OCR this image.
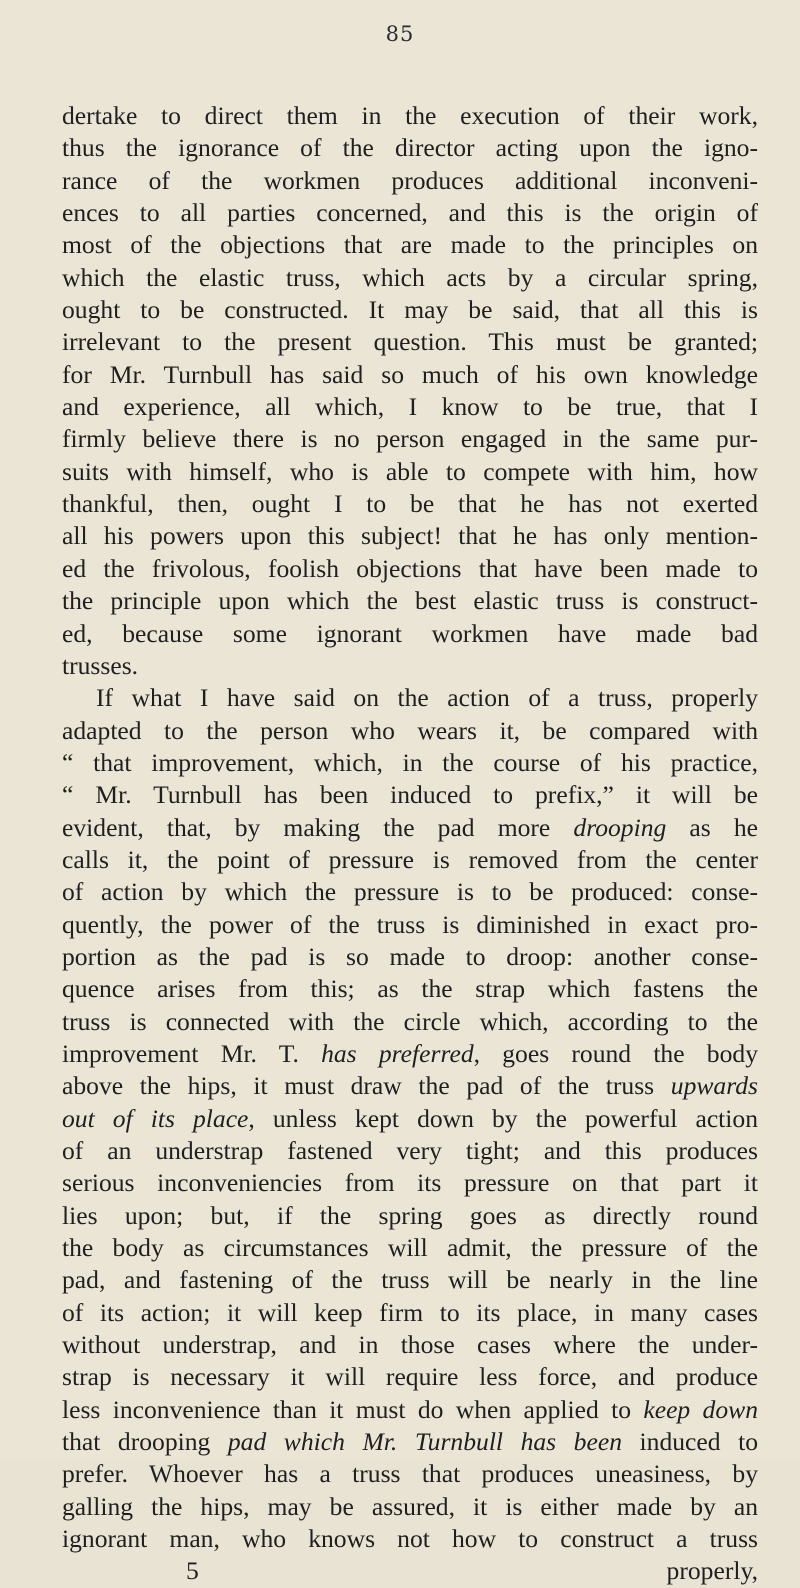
85
dertake to direct them in the execution of their work,
thus the ignorance of the director acting upon the igno-
rance of the workmen produces additional inconveni-
ences to all parties concerned, and this is the origin of
most of the objections that are made to the principles on
which the elastic truss, which acts by a circular spring,
ought to be constructed. It may be said, that all this is
irrelevant to the present question. This must be granted;
for Mr. Turnbull has said so much of his own knowledge
and experience, all which, I know to be true, that I
firmly believe there is no person engaged in the same pur-
suits with himself, who is able to compete with him, how
thankful, then, ought I to be that he has not exerted
all his powers upon this subject! that he has only mention-
ed the frivolous, foolish objections that have been made to
the principle upon which the best elastic truss is construct-
ed, because some ignorant workmen have made bad
trusses.
If what I have said on the action of a truss, properly
adapted to the person who wears it, be compared with
“ that improvement, which, in the course of his practice,
“ Mr. Turnbull has been induced to prefix,” it will be
evident, that, by making the pad more drooping as he
calls it, the point of pressure is removed from the center
of action by which the pressure is to be produced: conse-
quently, the power of the truss is diminished in exact pro-
portion as the pad is so made to droop: another conse-
quence arises from this; as the strap which fastens the
truss is connected with the circle which, according to the
improvement Mr. T. has preferred, goes round the body
above the hips, it must draw the pad of the truss upwards
out of its place, unless kept down by the powerful action
of an understrap fastened very tight; and this produces
serious inconveniencies from its pressure on that part it
lies upon; but, if the spring goes as directly round
the body as circumstances will admit, the pressure of the
pad, and fastening of the truss will be nearly in the line
of its action; it will keep firm to its place, in many cases
without understrap, and in those cases where the under-
strap is necessary it will require less force, and produce
less inconvenience than it must do when applied to keep down
that drooping pad which Mr. Turnbull has been induced to
prefer. Whoever has a truss that produces uneasiness, by
galling the hips, may be assured, it is either made by an
ignorant man, who knows not how to construct a truss
5	properly,
